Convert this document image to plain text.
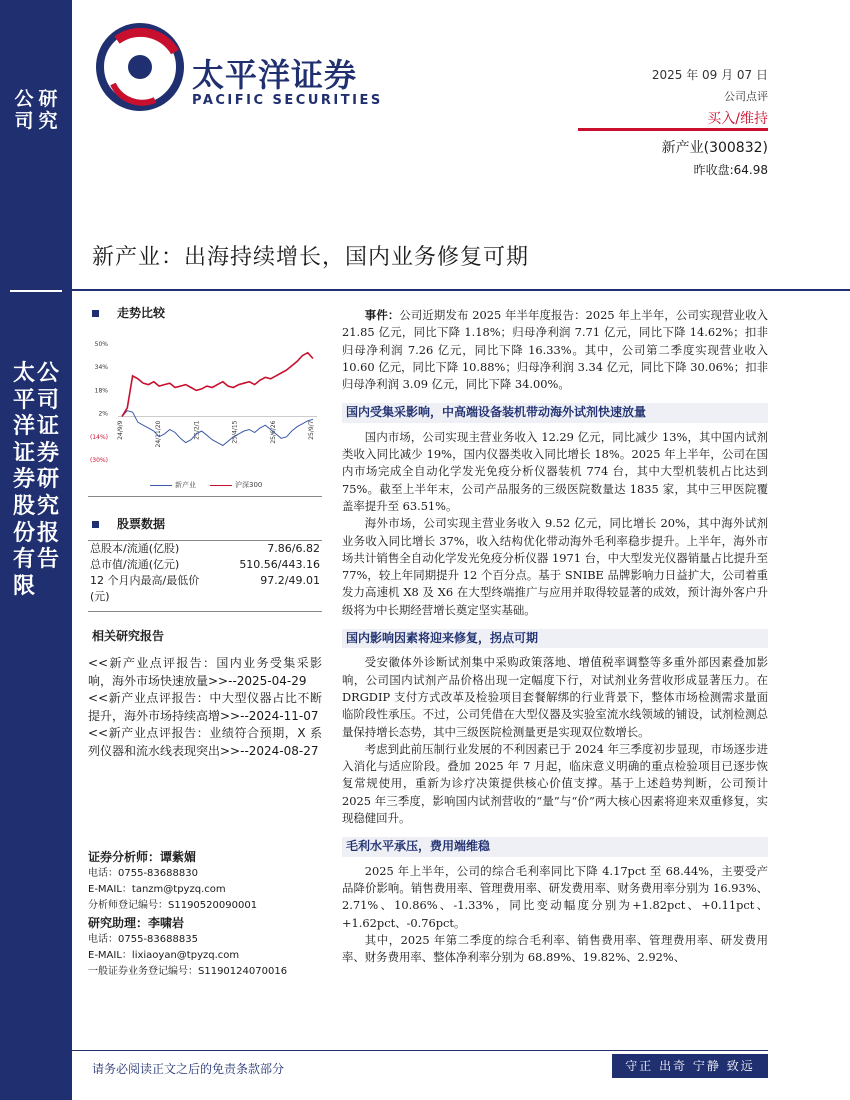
公
司
研
究
太
平
洋
证
券
股
份
有
限
公
司
证
券
研
究
报
告
太平洋证券
PACIFIC SECURITIES
2025 年 09 月 07 日
公司点评
买入/维持
新产业(300832)
昨收盘:64.98
新产业：出海持续增长，国内业务修复可期
走势比较
50%
34%
18%
2%
(14%)
(30%)
24/9/9	24/11/20	25/2/1	25/4/15	25/6/26	25/9/7
新产业	沪深300
股票数据
总股本/流通(亿股)	7.86/6.82
总市值/流通(亿元)	510.56/443.16
12 个月内最高/最低价	97.2/49.01
(元)
相关研究报告
<<新产业点评报告：国内业务受集采影响，海外市场快速放量>>--2025-04-29
<<新产业点评报告：中大型仪器占比不断提升，海外市场持续高增>>--2024-11-07
<<新产业点评报告：业绩符合预期，X 系列仪器和流水线表现突出>>--2024-08-27
证券分析师：谭紫媚
电话：0755-83688830
E-MAIL：tanzm@tpyzq.com
分析师登记编号：S1190520090001
研究助理：李啸岩
电话：0755-83688835
E-MAIL：lixiaoyan@tpyzq.com
一般证券业务登记编号：S1190124070016

事件：公司近期发布 2025 年半年度报告：2025 年上半年，公司实现营业收入 21.85 亿元，同比下降 1.18%；归母净利润 7.71 亿元，同比下降 14.62%；扣非归母净利润 7.26 亿元，同比下降 16.33%。其中，公司第二季度实现营业收入 10.60 亿元，同比下降 10.88%；归母净利润 3.34 亿元，同比下降 30.06%；扣非归母净利润 3.09 亿元，同比下降 34.00%。

国内受集采影响，中高端设备装机带动海外试剂快速放量

国内市场，公司实现主营业务收入 12.29 亿元，同比减少 13%，其中国内试剂类收入同比减少 19%，国内仪器类收入同比增长 18%。2025 年上半年，公司在国内市场完成全自动化学发光免疫分析仪器装机 774 台，其中大型机装机占比达到 75%。截至上半年末，公司产品服务的三级医院数量达 1835 家，其中三甲医院覆盖率提升至 63.51%。

海外市场，公司实现主营业务收入 9.52 亿元，同比增长 20%，其中海外试剂业务收入同比增长 37%，收入结构优化带动海外毛利率稳步提升。上半年，海外市场共计销售全自动化学发光免疫分析仪器 1971 台，中大型发光仪器销量占比提升至 77%，较上年同期提升 12 个百分点。基于 SNIBE 品牌影响力日益扩大，公司着重发力高速机 X8 及 X6 在大型终端推广与应用并取得较显著的成效，预计海外客户升级将为中长期经营增长奠定坚实基础。

国内影响因素将迎来修复，拐点可期

受安徽体外诊断试剂集中采购政策落地、增值税率调整等多重外部因素叠加影响，公司国内试剂产品价格出现一定幅度下行，对试剂业务营收形成显著压力。在 DRGDIP 支付方式改革及检验项目套餐解绑的行业背景下，整体市场检测需求量面临阶段性承压。不过，公司凭借在大型仪器及实验室流水线领域的铺设，试剂检测总量保持增长态势，其中三级医院检测量更是实现双位数增长。

考虑到此前压制行业发展的不利因素已于 2024 年三季度初步显现，市场逐步进入消化与适应阶段。叠加 2025 年 7 月起，临床意义明确的重点检验项目已逐步恢复常规使用，重新为诊疗决策提供核心价值支撑。基于上述趋势判断，公司预计 2025 年三季度，影响国内试剂营收的“量”与“价”两大核心因素将迎来双重修复，实现稳健回升。

毛利水平承压，费用端维稳

2025 年上半年，公司的综合毛利率同比下降 4.17pct 至 68.44%，主要受产品降价影响。销售费用率、管理费用率、研发费用率、财务费用率分别为 16.93%、2.71%、10.86%、-1.33%，同比变动幅度分别为+1.82pct、+0.11pct、+1.62pct、-0.76pct。

其中，2025 年第二季度的综合毛利率、销售费用率、管理费用率、研发费用率、财务费用率、整体净利率分别为 68.89%、19.82%、2.92%、

请务必阅读正文之后的免责条款部分	守正 出奇 宁静 致远
